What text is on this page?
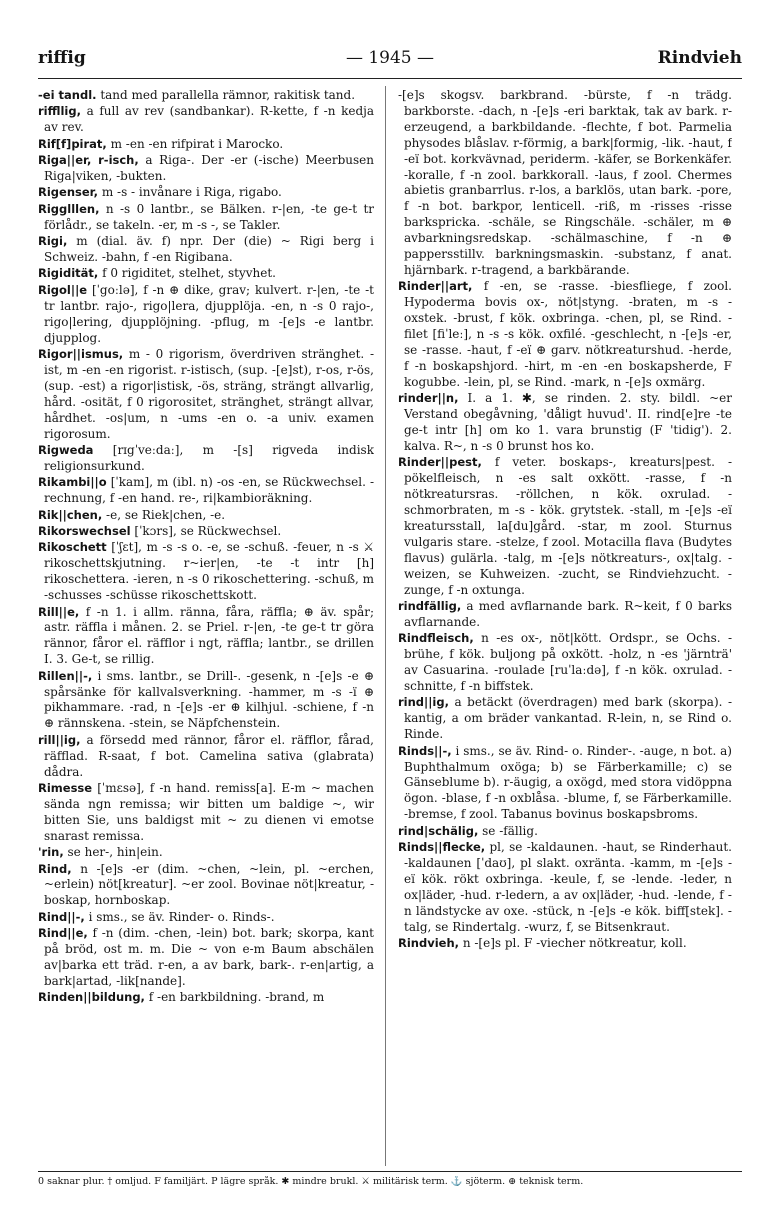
riffig	— 1945 —	Rindvieh

-ei tandl. tand med parallella rämnor, rakitisk tand.

riffllig, a full av rev (sandbankar). R-kette, f -n kedja av rev.

Rif[f]pirat, m -en -en rifpirat i Marocko.

Riga||er, r-isch, a Riga-. Der -er (-ische) Meerbusen Riga|viken, -bukten.

Rigenser, m -s - invånare i Riga, rigabo.

Rigglllen, n -s 0 lantbr., se Bälken. r-|en, -te ge-t tr förlådr., se takeln. -er, m -s -, se Takler.

Rigi, m (dial. äv. f) npr. Der (die) ~ Rigi berg i Schweiz. -bahn, f -en Rigibana.

Rigidität, f 0 rigiditet, stelhet, styvhet.

Rigol||e [ˈgoːlə], f -n ⊕ dike, grav; kulvert. r-|en, -te -t tr lantbr. rajo-, rigo|lera, djupplöja. -en, n -s 0 rajo-, rigo|lering, djupplöjning. -pflug, m -[e]s -e lantbr. djupplog.

Rigor||ismus, m - 0 rigorism, överdriven stränghet. -ist, m -en -en rigorist. r-istisch, (sup. -[e]st), r-os, r-ös, (sup. -est) a rigor|istisk, -ös, sträng, strängt allvarlig, hård. -osität, f 0 rigorositet, stränghet, strängt allvar, hårdhet. -os|um, n -ums -en o. -a univ. examen rigorosum.

Rigweda [rɪgˈveːdaː], m -[s] rigveda indisk religionsurkund.

Rikambi||o [ˈkam], m (ibl. n) -os -en, se Rückwechsel. -rechnung, f -en hand. re-, ri|kambioräkning.

Rik||chen, -e, se Riek|chen, -e.

Rikorswechsel [ˈkɔrs], se Rückwechsel.

Rikoschett [ˈʃɛt], m -s -s o. -e, se -schuß. -feuer, n -s ⚔ rikoschettskjutning. r~ier|en, -te -t intr [h] rikoschettera. -ieren, n -s 0 rikoschettering. -schuß, m -schusses -schüsse rikoschettskott.

Rill||e, f -n 1. i allm. ränna, fåra, räffla; ⊕ äv. spår; astr. räffla i månen. 2. se Priel. r-|en, -te ge-t tr göra rännor, fåror el. räfflor i ngt, räffla; lantbr., se drillen I. 3. Ge-t, se rillig.

Rillen||-, i sms. lantbr., se Drill-. -gesenk, n -[e]s -e ⊕ spårsänke för kallvalsverkning. -hammer, m -s -ï ⊕ pikhammare. -rad, n -[e]s -er ⊕ kilhjul. -schiene, f -n ⊕ rännskena. -stein, se Näpfchenstein.

rill||ig, a försedd med rännor, fåror el. räfflor, fårad, räfflad. R-saat, f bot. Camelina sativa (glabrata) dådra.

Rimesse [ˈmɛsə], f -n hand. remiss[a]. E-m ~ machen sända ngn remissa; wir bitten um baldige ~, wir bitten Sie, uns baldigst mit ~ zu dienen vi emotse snarast remissa.

'rin, se her-, hin|ein.

Rind, n -[e]s -er (dim. ~chen, ~lein, pl. ~erchen, ~erlein) nöt[kreatur]. ~er zool. Bovinae nöt|kreatur, -boskap, hornboskap.

Rind||-, i sms., se äv. Rinder- o. Rinds-.

Rind||e, f -n (dim. -chen, -lein) bot. bark; skorpa, kant på bröd, ost m. m. Die ~ von e-m Baum abschälen av|barka ett träd. r-en, a av bark, bark-. r-en|artig, a bark|artad, -lik[nande].

Rinden||bildung, f -en barkbildning. -brand, m

-[e]s skogsv. barkbrand. -bürste, f -n trädg. barkborste. -dach, n -[e]s -eri barktak, tak av bark. r-erzeugend, a barkbildande. -flechte, f bot. Parmelia physodes blåslav. r-förmig, a bark|formig, -lik. -haut, f -eï bot. korkvävnad, periderm. -käfer, se Borkenkäfer. -koralle, f -n zool. barkkorall. -laus, f zool. Chermes abietis granbarrlus. r-los, a barklös, utan bark. -pore, f -n bot. barkpor, lenticell. -riß, m -risses -risse barkspricka. -schäle, se Ringschäle. -schäler, m ⊕ avbarkningsredskap. -schälmaschine, f -n ⊕ pappersstillv. barkningsmaskin. -substanz, f anat. hjärnbark. r-tragend, a barkbärande.

Rinder||art, f -en, se -rasse. -biesfliege, f zool. Hypoderma bovis ox-, nöt|styng. -braten, m -s - oxstek. -brust, f kök. oxbringa. -chen, pl, se Rind. -filet [fiˈleː], n -s -s kök. oxfilé. -geschlecht, n -[e]s -er, se -rasse. -haut, f -eï ⊕ garv. nötkreaturshud. -herde, f -n boskapshjord. -hirt, m -en -en boskapsherde, F kogubbe. -lein, pl, se Rind. -mark, n -[e]s oxmärg.

rinder||n, I. a 1. ✱, se rinden. 2. sty. bildl. ~er Verstand obegåvning, 'dåligt huvud'. II. rind[e]re -te ge-t intr [h] om ko 1. vara brunstig (F 'tidig'). 2. kalva. R~, n -s 0 brunst hos ko.

Rinder||pest, f veter. boskaps-, kreaturs|pest. -pökelfleisch, n -es salt oxkött. -rasse, f -n nötkreatursras. -röllchen, n kök. oxrulad. -schmorbraten, m -s - kök. grytstek. -stall, m -[e]s -eï kreatursstall, la[du]gård. -star, m zool. Sturnus vulgaris stare. -stelze, f zool. Motacilla flava (Budytes flavus) gulärla. -talg, m -[e]s nötkreaturs-, ox|talg. -weizen, se Kuhweizen. -zucht, se Rindviehzucht. -zunge, f -n oxtunga.

rindfällig, a med avflarnande bark. R~keit, f 0 barks avflarnande.

Rindfleisch, n -es ox-, nöt|kött. Ordspr., se Ochs. -brühe, f kök. buljong på oxkött. -holz, n -es 'järnträ' av Casuarina. -roulade [ruˈlaːdə], f -n kök. oxrulad. -schnitte, f -n biffstek.

rind||ig, a betäckt (överdragen) med bark (skorpa). -kantig, a om bräder vankantad. R-lein, n, se Rind o. Rinde.

Rinds||-, i sms., se äv. Rind- o. Rinder-. -auge, n bot. a) Buphthalmum oxöga; b) se Färberkamille; c) se Gänseblume b). r-äugig, a oxögd, med stora vidöppna ögon. -blase, f -n oxblåsa. -blume, f, se Färberkamille. -bremse, f zool. Tabanus bovinus boskapsbroms.

rind|schälig, se -fällig.

Rinds||flecke, pl, se -kaldaunen. -haut, se Rinderhaut. -kaldaunen [ˈdaʊ], pl slakt. oxränta. -kamm, m -[e]s -eï kök. rökt oxbringa. -keule, f, se -lende. -leder, n ox|läder, -hud. r-ledern, a av ox|läder, -hud. -lende, f -n ländstycke av oxe. -stück, n -[e]s -e kök. biff[stek]. -talg, se Rindertalg. -wurz, f, se Bitsenkraut.

Rindvieh, n -[e]s pl. F -viecher nötkreatur, koll.

0 saknar plur. † omljud. F familjärt. P lägre språk. ✱ mindre brukl. ⚔ militärisk term. ⚓ sjöterm. ⊕ teknisk term.
